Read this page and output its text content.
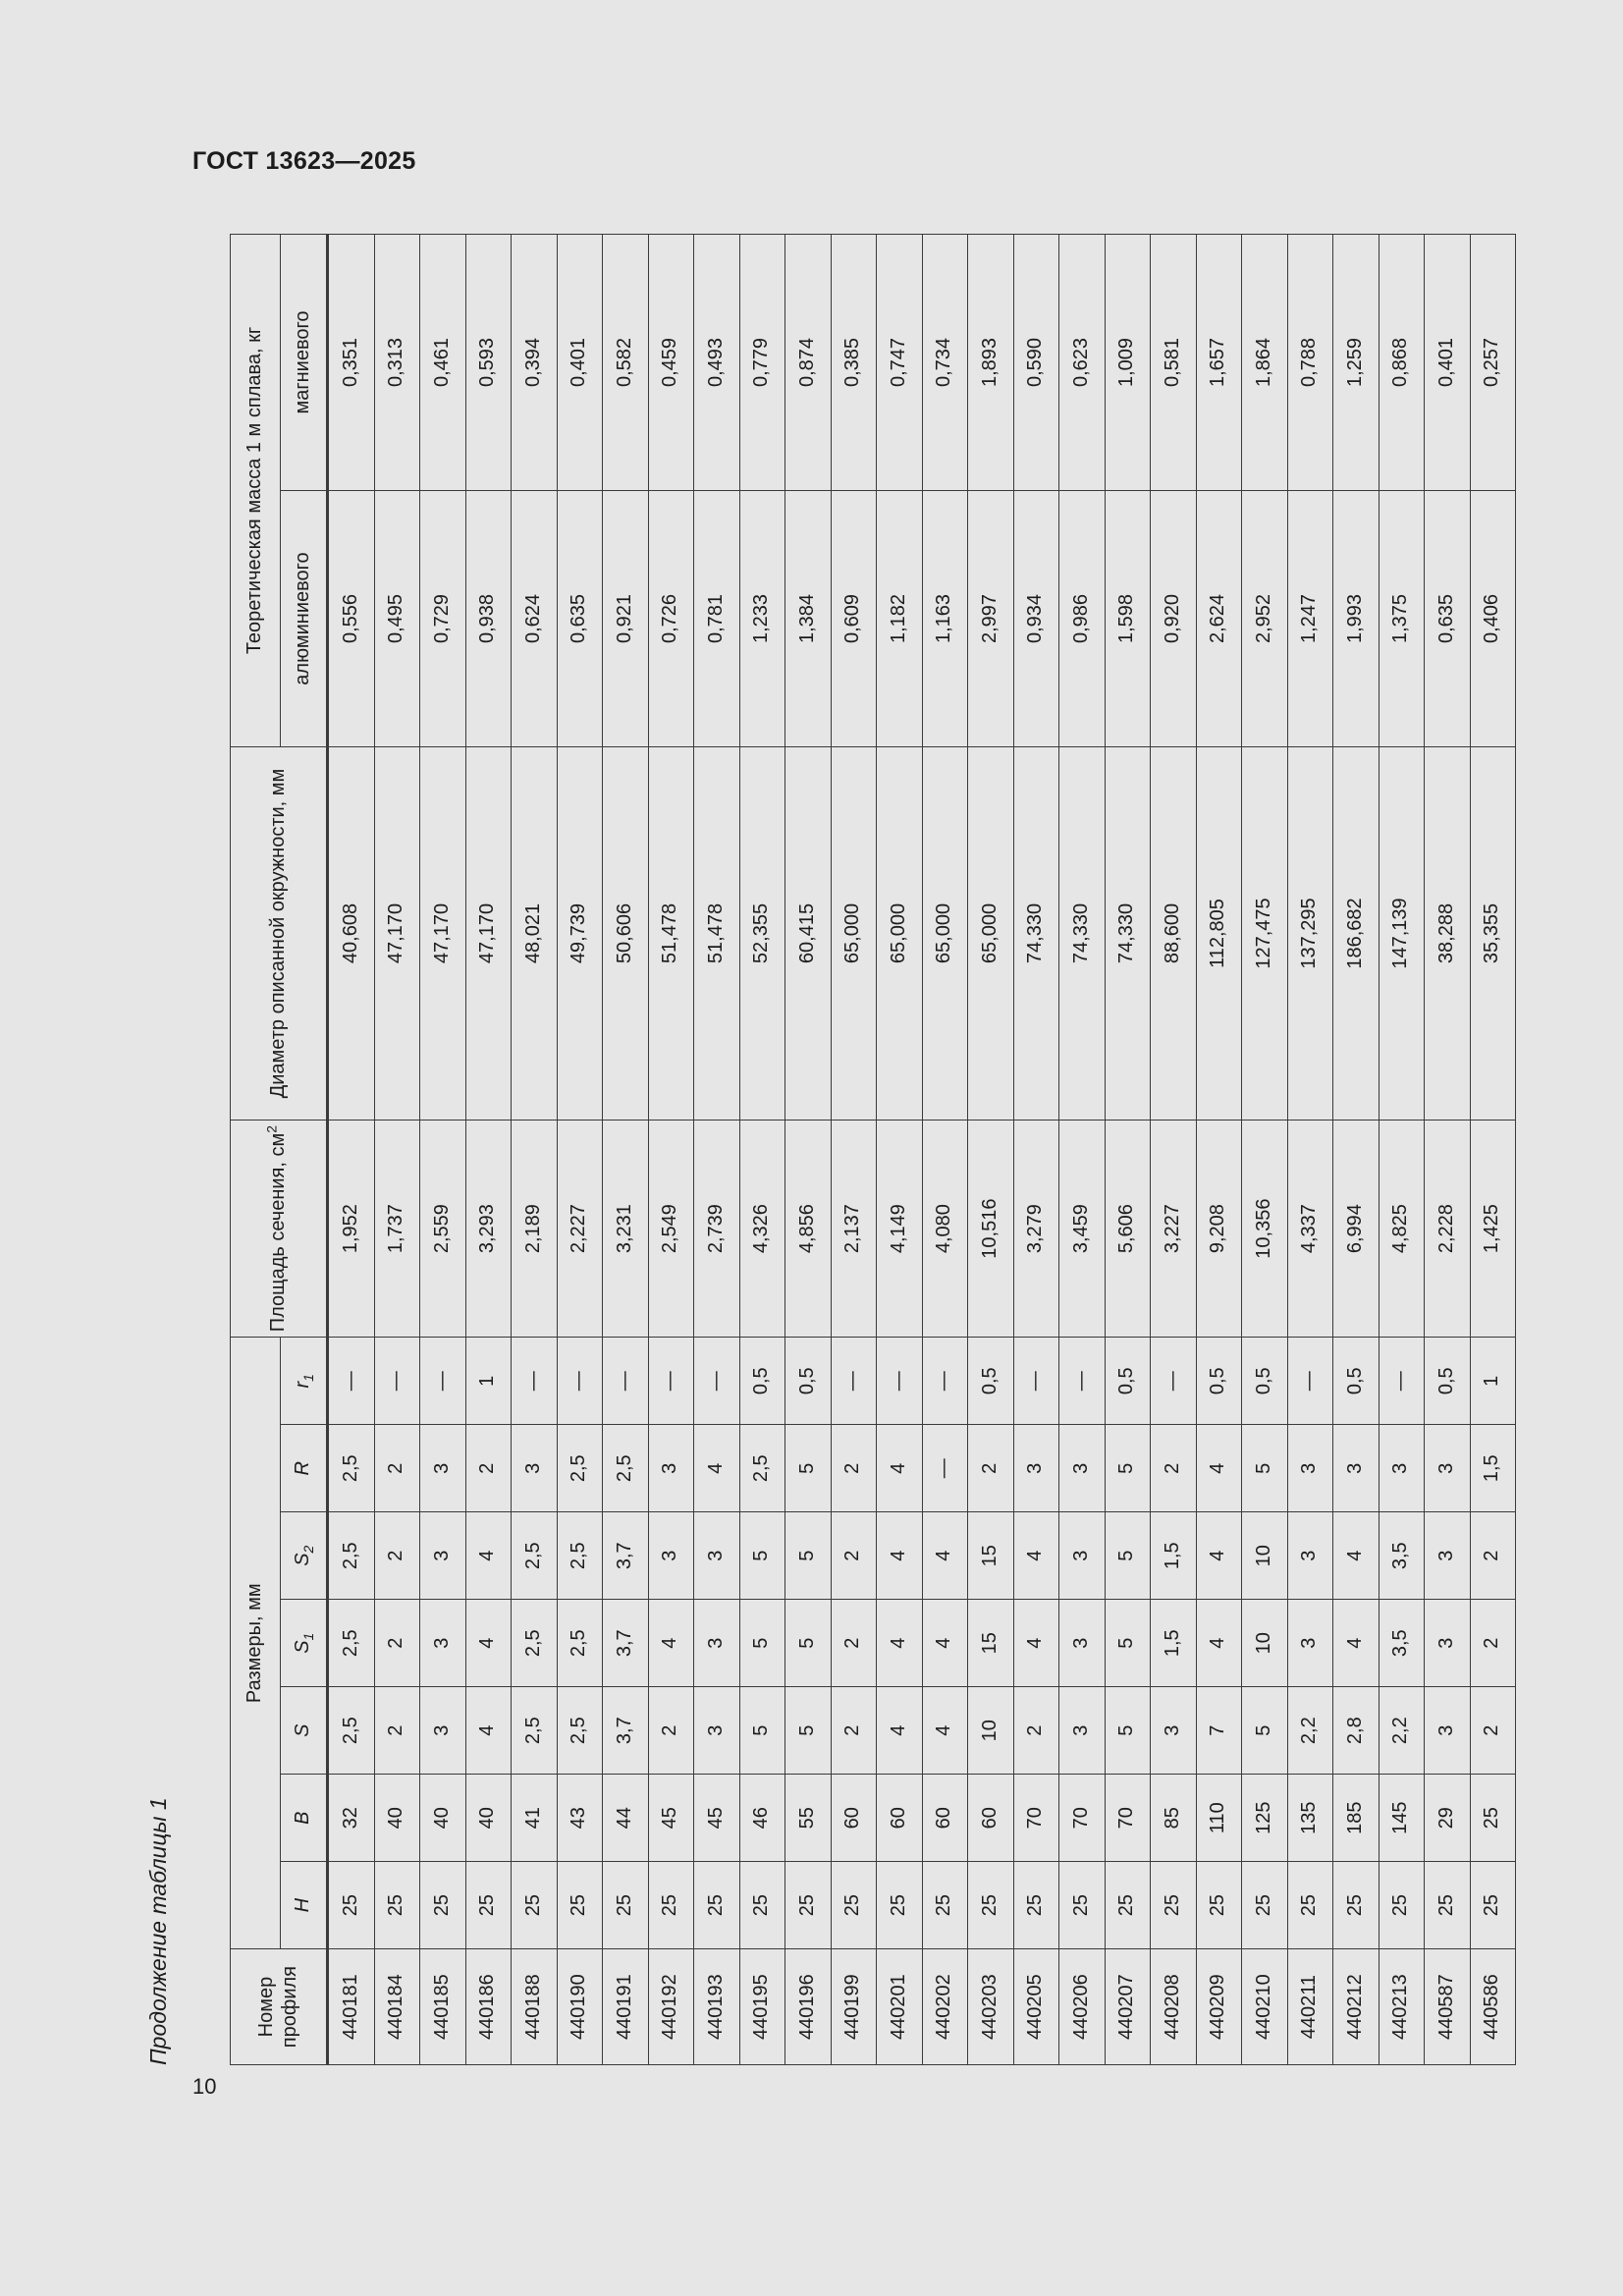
ГОСТ 13623—2025
Продолжение таблицы 1	Номер профиля	Размеры, мм							Площадь сечения, $см^2$	Диаметр описанной окружности, мм	Теоретическая масса 1 м сплава, кг	
	H	B	S	$S_1$	$S_2$	R	$r_1$			алюминиевого	магниевого
440181	25	32	2,5	2,5	2,5	2,5	—	1,952	40,608	0,556	0,351
440184	25	40	2	2	2	2	—	1,737	47,170	0,495	0,313
440185	25	40	3	3	3	3	—	2,559	47,170	0,729	0,461
440186	25	40	4	4	4	2	1	3,293	47,170	0,938	0,593
440188	25	41	2,5	2,5	2,5	3	—	2,189	48,021	0,624	0,394
440190	25	43	2,5	2,5	2,5	2,5	—	2,227	49,739	0,635	0,401
440191	25	44	3,7	3,7	3,7	2,5	—	3,231	50,606	0,921	0,582
440192	25	45	2	4	3	3	—	2,549	51,478	0,726	0,459
440193	25	45	3	3	3	4	—	2,739	51,478	0,781	0,493
440195	25	46	5	5	5	2,5	0,5	4,326	52,355	1,233	0,779
440196	25	55	5	5	5	5	0,5	4,856	60,415	1,384	0,874
440199	25	60	2	2	2	2	—	2,137	65,000	0,609	0,385
440201	25	60	4	4	4	4	—	4,149	65,000	1,182	0,747
440202	25	60	4	4	4	—	—	4,080	65,000	1,163	0,734
440203	25	60	10	15	15	2	0,5	10,516	65,000	2,997	1,893
440205	25	70	2	4	4	3	—	3,279	74,330	0,934	0,590
440206	25	70	3	3	3	3	—	3,459	74,330	0,986	0,623
440207	25	70	5	5	5	5	0,5	5,606	74,330	1,598	1,009
440208	25	85	3	1,5	1,5	2	—	3,227	88,600	0,920	0,581
440209	25	110	7	4	4	4	0,5	9,208	112,805	2,624	1,657
440210	25	125	5	10	10	5	0,5	10,356	127,475	2,952	1,864
440211	25	135	2,2	3	3	3	—	4,337	137,295	1,247	0,788
440212	25	185	2,8	4	4	3	0,5	6,994	186,682	1,993	1,259
440213	25	145	2,2	3,5	3,5	3	—	4,825	147,139	1,375	0,868
440587	25	29	3	3	3	3	0,5	2,228	38,288	0,635	0,401
440586	25	25	2	2	2	1,5	1	1,425	35,355	0,406	0,257
10
